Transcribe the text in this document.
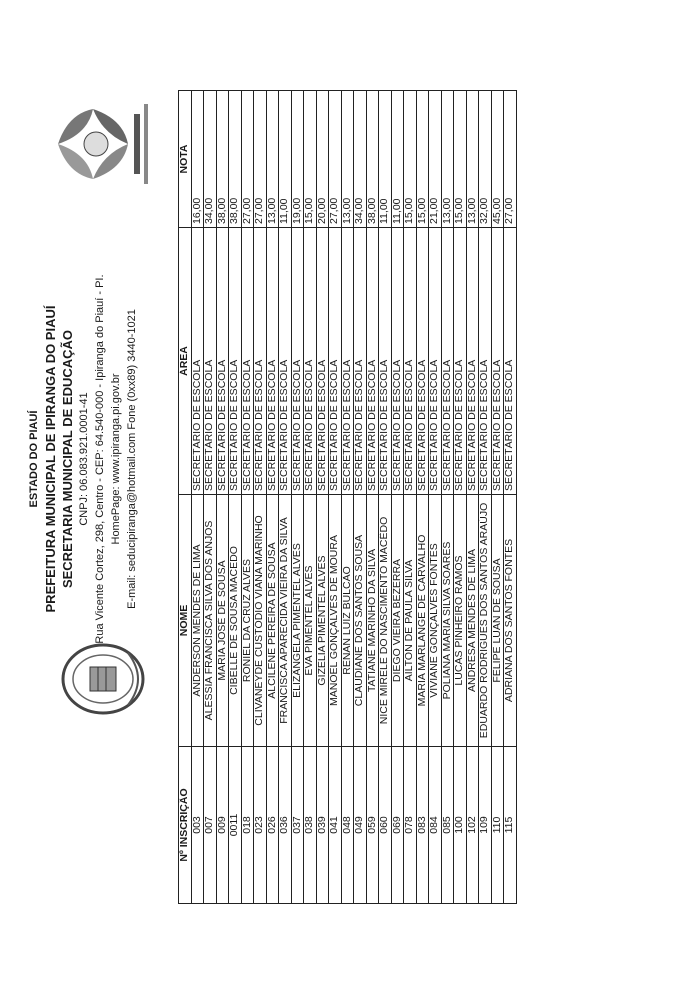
ESTADO DO PIAUÍ PREFEITURA MUNICIPAL DE IPIRANGA DO PIAUÍ SECRETARIA MUNICIPAL DE EDUCAÇÃO CNPJ: 06.083.921.0001-41 Rua Vicente Cortez, 298, Centro - CEP: 64.540-000 - Ipiranga do Piauí - PI. HomePage: www.ipiranga.pi.gov.br E-mail: seducipiranga@hotmail.com Fone (0xx89) 3440-1021
Nº INSCRIÇÃO	NOME	ÁREA	NOTA
003	ANDERSON MENDES DE LIMA	SECRETÁRIO DE ESCOLA	16,00
007	ALÉSSIA FRANCISCA SILVA DOS ANJOS	SECRETÁRIO DE ESCOLA	34,00
009	MARIA JOSÉ DE SOUSA	SECRETÁRIO DE ESCOLA	38,00
0011	CIBELLE DE SOUSA MACEDO	SECRETÁRIO DE ESCOLA	38,00
018	RONIEL DA CRUZ ALVES	SECRETÁRIO DE ESCOLA	27,00
023	CLIVANEYDE CUSTÓDIO VIANA MARINHO	SECRETÁRIO DE ESCOLA	27,00
026	ALCILENE PEREIRA DE SOUSA	SECRETÁRIO DE ESCOLA	13,00
036	FRANCISCA APARECIDA VIEIRA DA SILVA	SECRETÁRIO DE ESCOLA	11,00
037	ELIZÂNGELA PIMENTEL ALVES	SECRETÁRIO DE ESCOLA	19,00
038	EVA PIMENTEL ALVES	SECRETÁRIO DE ESCOLA	15,00
039	GIZELIA PIMENTEL ALVES	SECRETÁRIO DE ESCOLA	20,00
041	MANOEL GONÇALVES DE MOURA	SECRETÁRIO DE ESCOLA	27,00
048	RENAN LUIZ BULCÃO	SECRETÁRIO DE ESCOLA	13,00
049	CLAUDIANE DOS SANTOS SOUSA	SECRETÁRIO DE ESCOLA	34,00
059	TATIANE MARINHO DA SILVA	SECRETÁRIO DE ESCOLA	38,00
060	NICE MIRELE DO NASCIMENTO MACÊDO	SECRETÁRIO DE ESCOLA	11,00
069	DIEGO VIEIRA BEZERRA	SECRETÁRIO DE ESCOLA	11,00
078	AILTON DE PAULA SILVA	SECRETÁRIO DE ESCOLA	15,00
083	MARIA MARLANGE DE CARVALHO	SECRETÁRIO DE ESCOLA	15,00
084	VIVIANE GONÇALVES FONTES	SECRETÁRIO DE ESCOLA	21,00
085	POLIANA MARIA SILVA SOARES	SECRETÁRIO DE ESCOLA	13,00
100	LUCAS PINHEIRO RAMOS	SECRETÁRIO DE ESCOLA	15,00
102	ANDRESA MENDES DE LIMA	SECRETÁRIO DE ESCOLA	13,00
109	EDUARDO RODRIGUES DOS SANTOS ARAÚJO	SECRETÁRIO DE ESCOLA	32,00
110	FELIPE LUAN DE SOUSA	SECRETÁRIO DE ESCOLA	45,00
115	ADRIANA DOS SANTOS FONTES	SECRETÁRIO DE ESCOLA	27,00
